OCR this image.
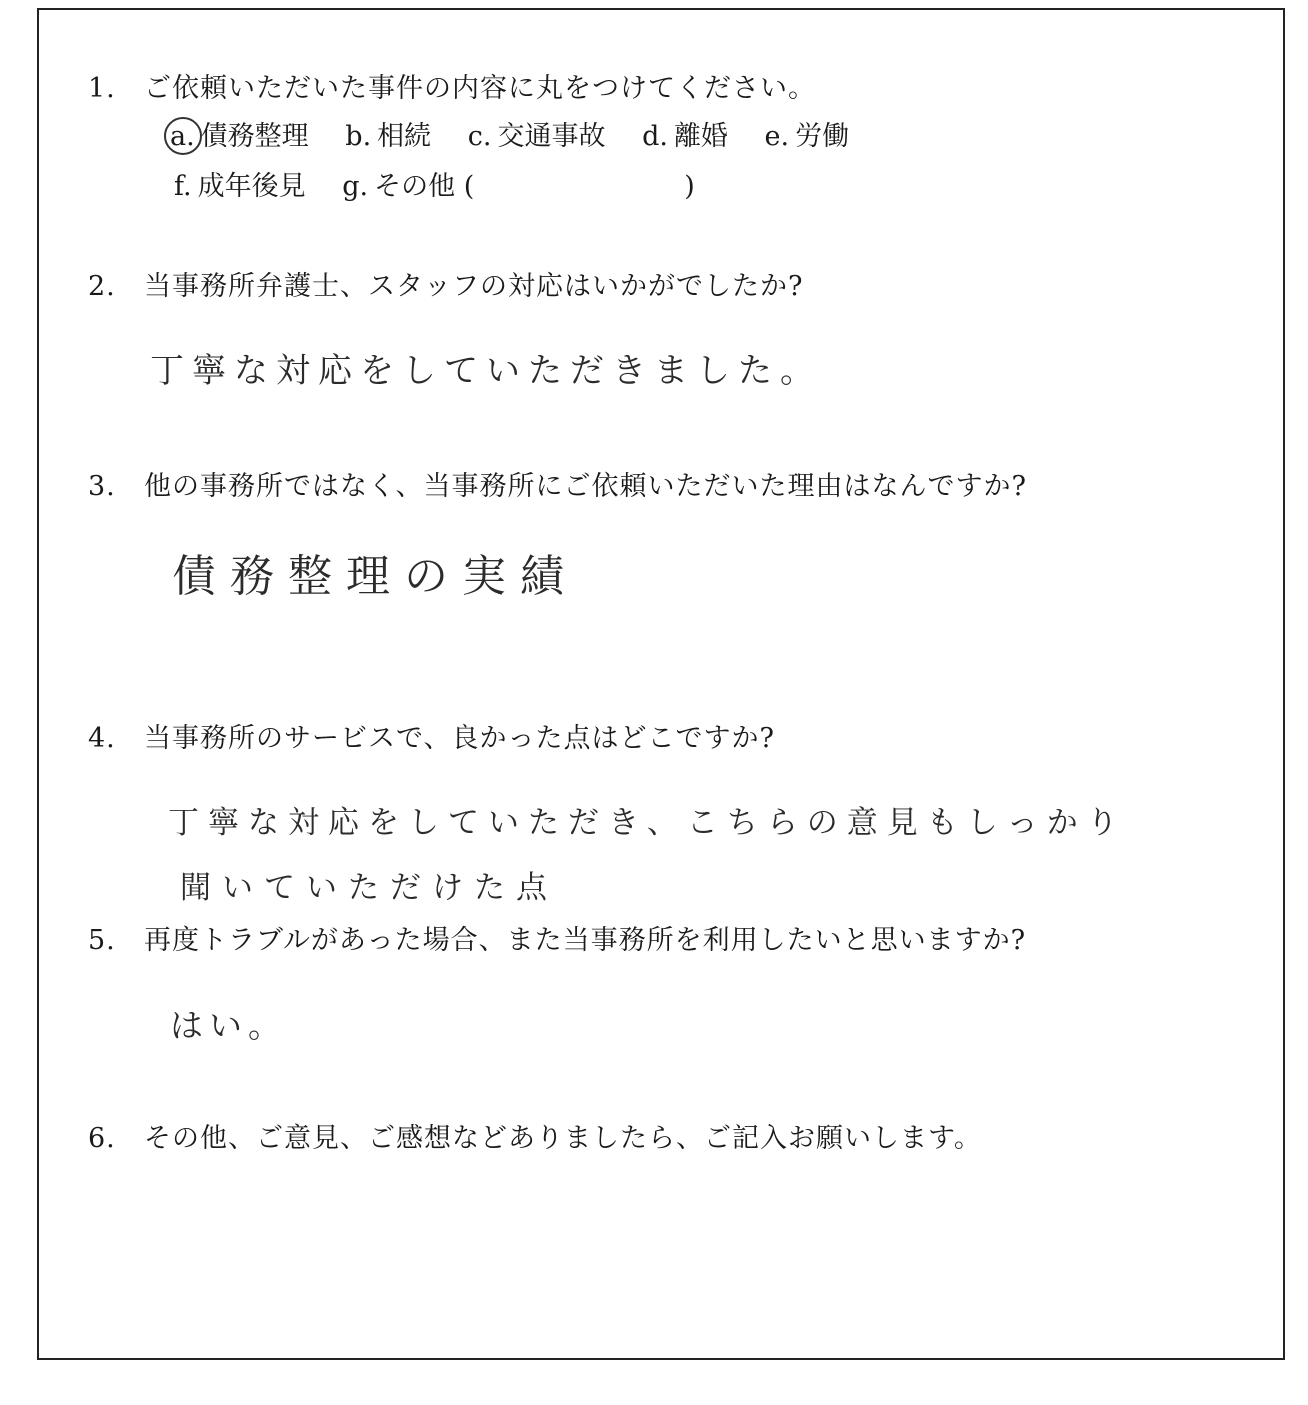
1. ご依頼いただいた事件の内容に丸をつけてください。
a. 債務整理 b. 相続 c. 交通事故 d. 離婚 e. 労働
f. 成年後見 g. その他 (	)
2. 当事務所弁護士、スタッフの対応はいかがでしたか?
丁寧な対応をしていただきました。
3. 他の事務所ではなく、当事務所にご依頼いただいた理由はなんですか?
債務整理の実績
4. 当事務所のサービスで、良かった点はどこですか?
丁寧な対応をしていただき、こちらの意見もしっかり
聞いていただけた点
5. 再度トラブルがあった場合、また当事務所を利用したいと思いますか?
はい。
6. その他、ご意見、ご感想などありましたら、ご記入お願いします。
